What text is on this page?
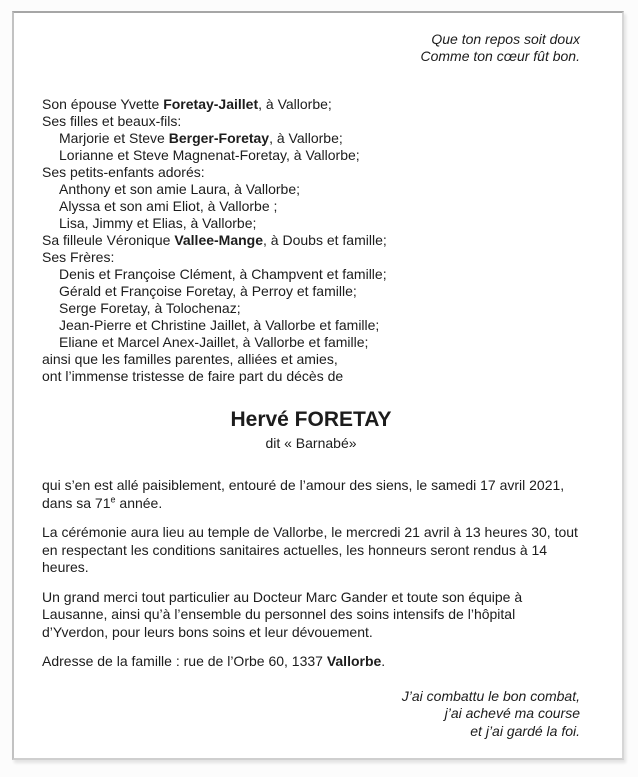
Que ton repos soit doux
Comme ton cœur fût bon.
Son épouse Yvette Foretay-Jaillet, à Vallorbe;
Ses filles et beaux-fils:
Marjorie et Steve Berger-Foretay, à Vallorbe;
Lorianne et Steve Magnenat-Foretay, à Vallorbe;
Ses petits-enfants adorés:
Anthony et son amie Laura, à Vallorbe;
Alyssa et son ami Eliot, à Vallorbe ;
Lisa, Jimmy et Elias, à Vallorbe;
Sa filleule Véronique Vallee-Mange, à Doubs et famille;
Ses Frères:
Denis et Françoise Clément, à Champvent et famille;
Gérald et Françoise Foretay, à Perroy et famille;
Serge Foretay, à Tolochenaz;
Jean-Pierre et Christine Jaillet, à Vallorbe et famille;
Eliane et Marcel Anex-Jaillet, à Vallorbe et famille;
ainsi que les familles parentes, alliées et amies,
ont l’immense tristesse de faire part du décès de
Hervé FORETAY
dit « Barnabé»

qui s’en est allé paisiblement, entouré de l’amour des siens, le samedi 17 avril 2021, dans sa 71e année.

La cérémonie aura lieu au temple de Vallorbe, le mercredi 21 avril à 13 heures 30, tout en respectant les conditions sanitaires actuelles, les honneurs seront rendus à 14 heures.

Un grand merci tout particulier au Docteur Marc Gander et toute son équipe à Lausanne, ainsi qu’à l’ensemble du personnel des soins intensifs de l’hôpital d’Yverdon, pour leurs bons soins et leur dévouement.

Adresse de la famille : rue de l’Orbe 60, 1337 Vallorbe.

J’ai combattu le bon combat,
j’ai achevé ma course
et j’ai gardé la foi.
